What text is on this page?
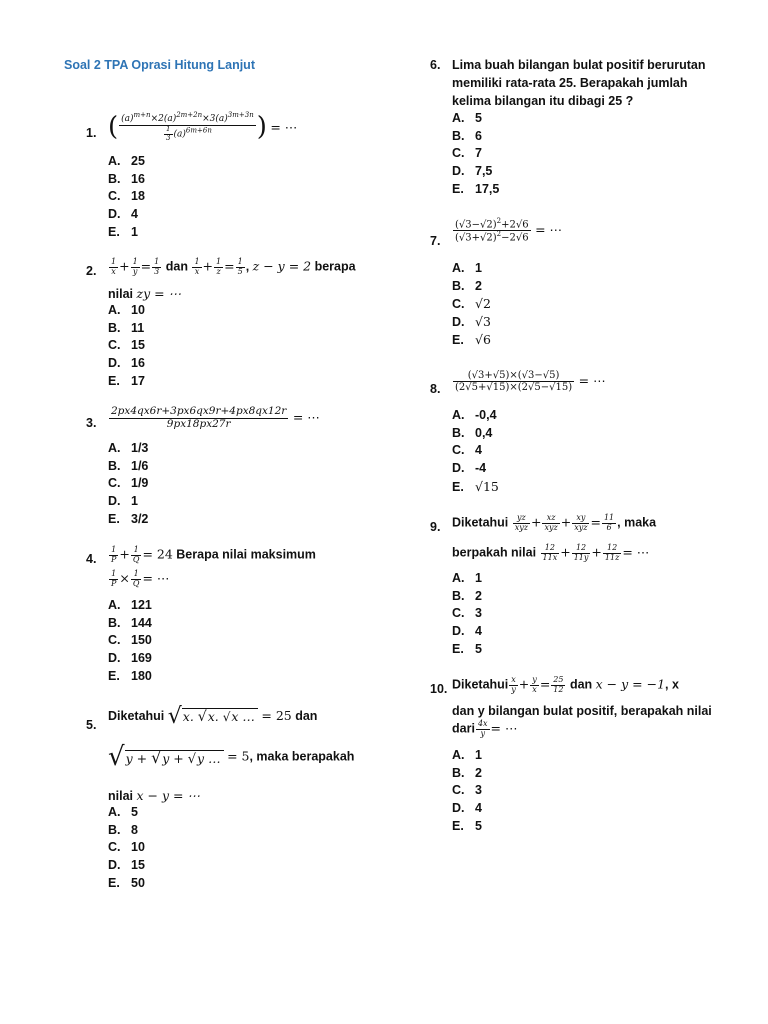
Soal 2 TPA Oprasi Hitung Lanjut
1. ( $\frac{(a)^{m+n}\times 2(a)^{2m+2n}\times 3(a)^{3m+3n}}{\frac{1}{3} (a)^{6m+6n}}$ ) = ⋯
A. 25
B. 16
C. 18
D. 4
E. 1
2. $\frac{1}{x} + \frac{1}{y} = \frac{1}{3}$ dan $\frac{1}{x} + \frac{1}{z} = \frac{1}{5}$ , z − y = 2 berapa
nilai zy = ⋯
A. 10
B. 11
C. 15
D. 16
E. 17
3. $\frac{2px4qx6r+3px6qx9r+4px8qx12r}{9px18px27r}$ = ⋯
A. 1/3
B. 1/6
C. 1/9
D. 1
E. 3/2
4. $\frac{1}{P} + \frac{1}{Q} = 24$ Berapa nilai maksimum
$\frac{1}{P} \times \frac{1}{Q}$ = ⋯
A. 121
B. 144
C. 150
D. 169
E. 180
5.
Diketahui √x. √x. √x … = 25 dan
√y + √y + √y … = 5, maka berapakah
nilai x − y = ⋯
A. 5
B. 8
C. 10
D. 15
E. 50
6. Lima buah bilangan bulat positif berurutan
memiliki rata-rata 25. Berapakah jumlah
kelima bilangan itu dibagi 25 ?
A. 5
B. 6
C. 7
D. 7,5
E. 17,5
7. $\frac{(√3-√2)^2+2√6}{(√3+√2)^2-2√6}$ = ⋯
A. 1
B. 2
C. √2
D. √3
E. √6
8. $\frac{(√3+√5)\times(√3-√5)}{(2√5+√15)\times(2√5-√15)}$ = ⋯
A. -0,4
B. 0,4
C. 4
D. -4
E. √15
9. Diketahui $\frac{yz}{\text{xyz}} + \frac{xz}{\text{xyz}} + \frac{xy}{\text{xyz}} = \frac{11}{6}$ , maka
berpakah nilai $\frac{12}{11x} + \frac{12}{11y} + \frac{12}{11z}$ = ⋯
A. 1
B. 2
C. 3
D. 4
E. 5
10. Diketahui $\frac{x}{y} + \frac{y}{x} = \frac{25}{12}$ dan x − y = −1, x
dan y bilangan bulat positif, berapakah nilai
dari $\frac{4x}{y}$ = ⋯
A. 1
B. 2
C. 3
D. 4
E. 5
